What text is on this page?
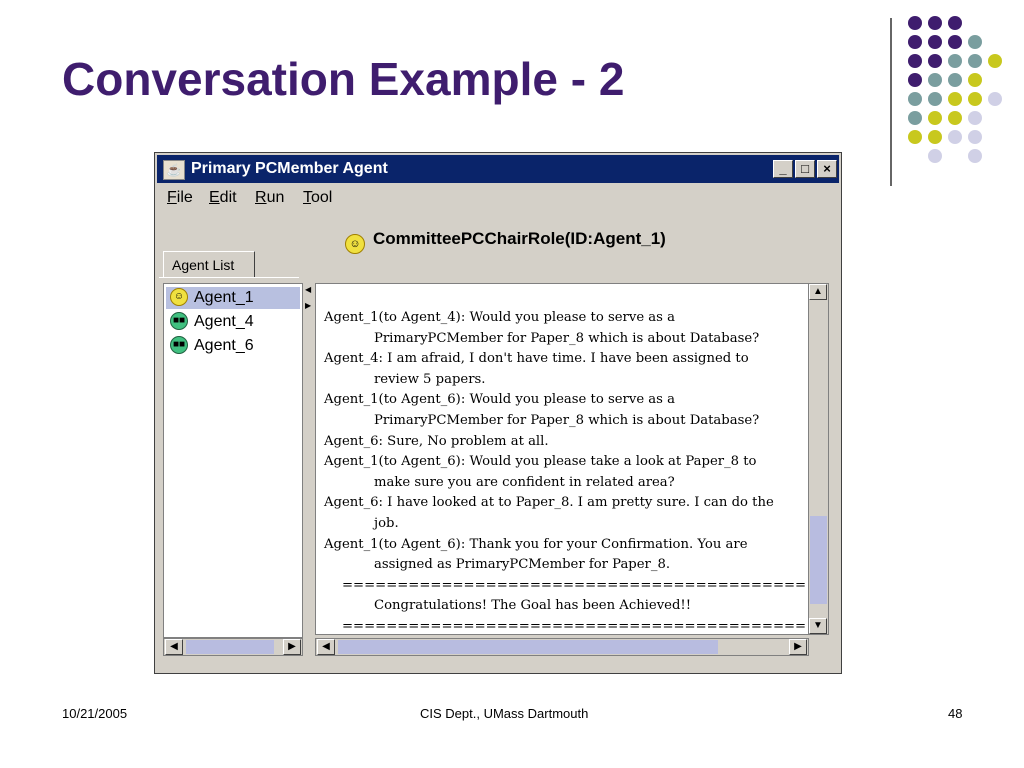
Conversation Example - 2
☕ Primary PCMember Agent	_	□	×
File Edit Run Tool
☺ CommitteePCChairRole(ID:Agent_1)
Agent List
☺ Agent_1
■■ Agent_4
■■ Agent_6
◀	▶
◀
▶
Agent_1(to Agent_4): Would you please to serve as a
PrimaryPCMember for Paper_8 which is about Database?
Agent_4: I am afraid, I don't have time. I have been assigned to
review 5 papers.
Agent_1(to Agent_6): Would you please to serve as a
PrimaryPCMember for Paper_8 which is about Database?
Agent_6: Sure, No problem at all.
Agent_1(to Agent_6): Would you please take a look at Paper_8 to
make sure you are confident in related area?
Agent_6: I have looked at to Paper_8. I am pretty sure. I can do the
job.
Agent_1(to Agent_6): Thank you for your Confirmation. You are
assigned as PrimaryPCMember for Paper_8.
==========================================
Congratulations! The Goal has been Achieved!!
==========================================
▲
▼
◀	▶
10/21/2005	CIS Dept., UMass Dartmouth	48
